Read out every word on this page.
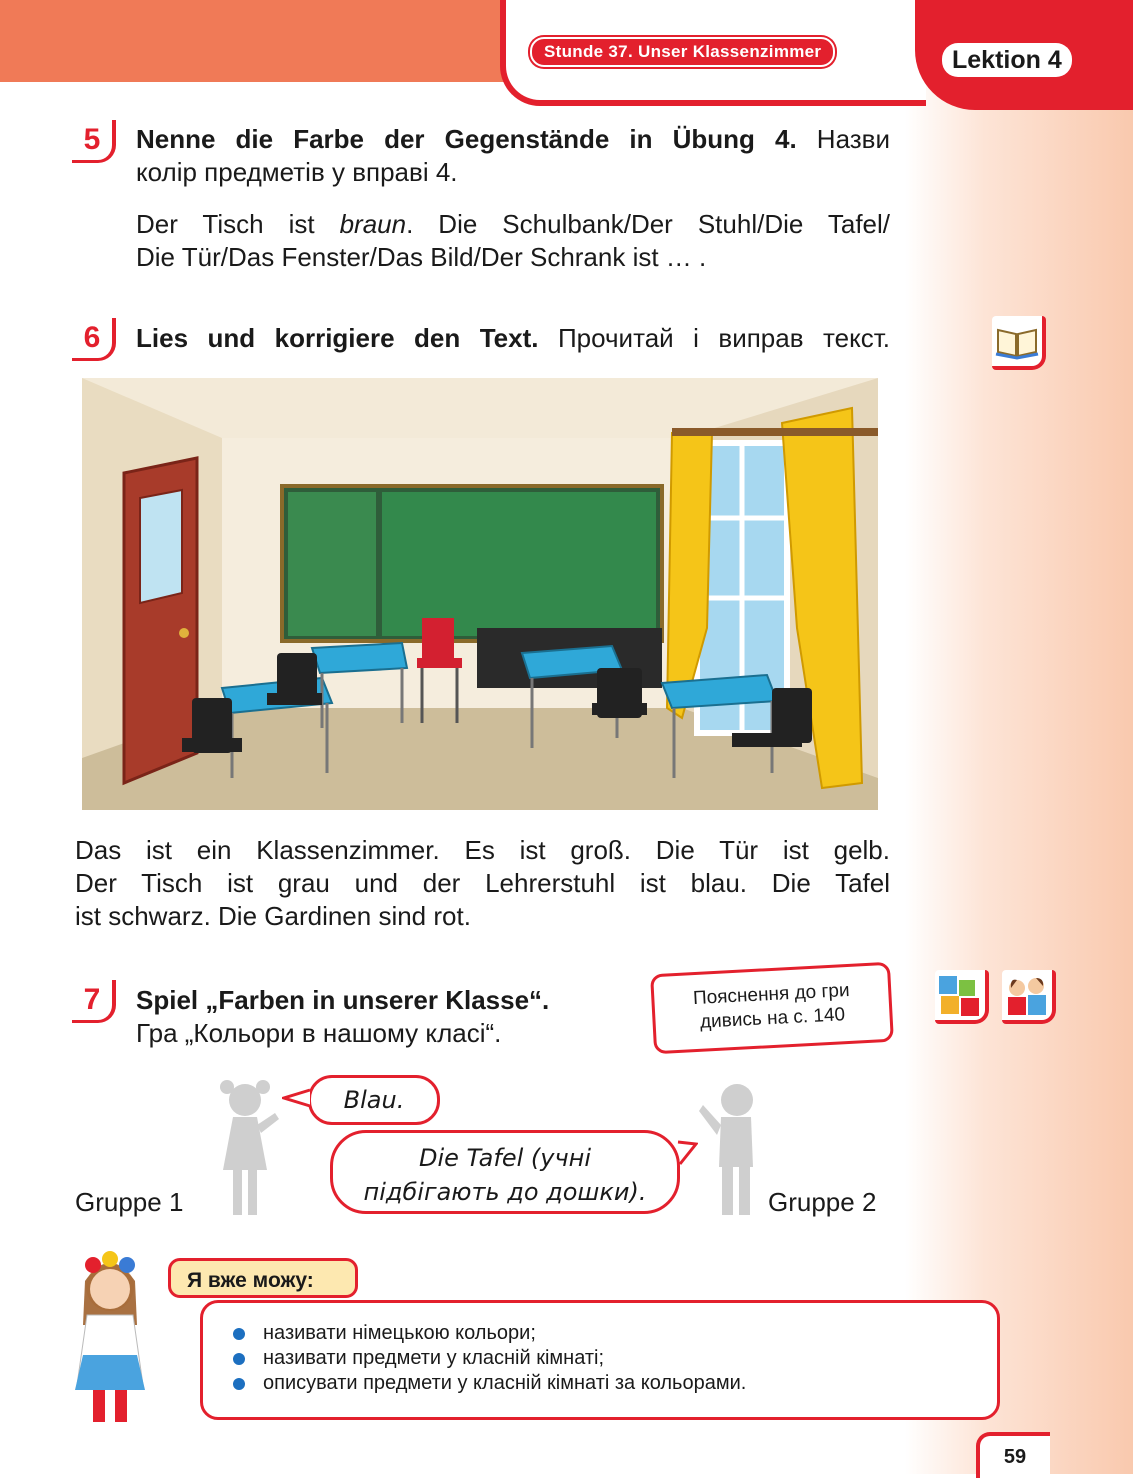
Stunde 37. Unser Klassenzimmer	Lektion 4
5	Nenne die Farbe der Gegenstände in Übung 4. Назви
колір предметів у вправі 4.
Der Tisch ist braun. Die Schulbank/Der Stuhl/Die Tafel/
Die Tür/Das Fenster/Das Bild/Der Schrank ist … .
6	Lies und korrigiere den Text. Прочитай і виправ текст.
Das ist ein Klassenzimmer. Es ist groß. Die Tür ist gelb.
Der Tisch ist grau und der Lehrerstuhl ist blau. Die Tafel
ist schwarz. Die Gardinen sind rot.
7	Spiel „Farben in unserer Klasse“.
Гра „Кольори в нашому класі“.
Пояснення до гри
дивись на с. 140
Blau.
Die Tafel (учні
підбігають до дошки).
Gruppe 1	Gruppe 2
називати німецькою кольори;
називати предмети у класній кімнаті;
описувати предмети у класній кімнаті за кольорами.
Я вже можу:
59
